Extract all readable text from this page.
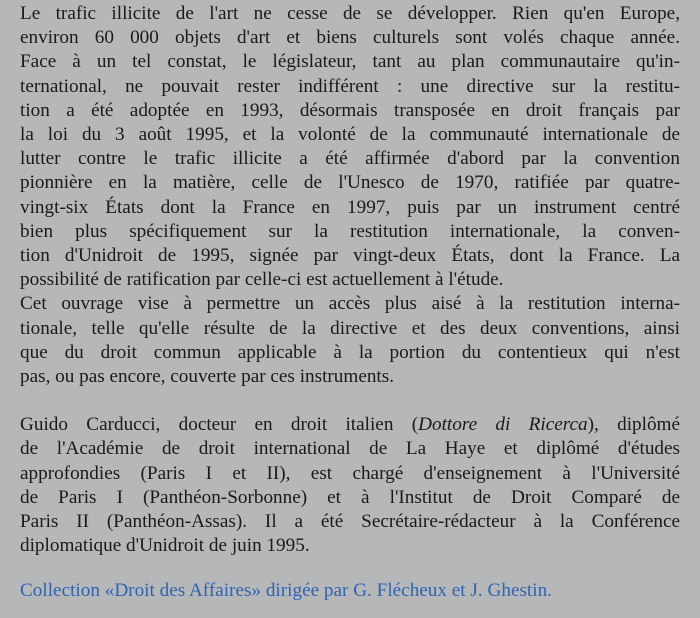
Le trafic illicite de l'art ne cesse de se développer. Rien qu'en Europe,
environ 60 000 objets d'art et biens culturels sont volés chaque année.
Face à un tel constat, le législateur, tant au plan communautaire qu'in-
ternational, ne pouvait rester indifférent : une directive sur la restitu-
tion a été adoptée en 1993, désormais transposée en droit français par
la loi du 3 août 1995, et la volonté de la communauté internationale de
lutter contre le trafic illicite a été affirmée d'abord par la convention
pionnière en la matière, celle de l'Unesco de 1970, ratifiée par quatre-
vingt-six États dont la France en 1997, puis par un instrument centré
bien plus spécifiquement sur la restitution internationale, la conven-
tion d'Unidroit de 1995, signée par vingt-deux États, dont la France. La
possibilité de ratification par celle-ci est actuellement à l'étude.
Cet ouvrage vise à permettre un accès plus aisé à la restitution interna-
tionale, telle qu'elle résulte de la directive et des deux conventions, ainsi
que du droit commun applicable à la portion du contentieux qui n'est
pas, ou pas encore, couverte par ces instruments.
Guido Carducci, docteur en droit italien (Dottore di Ricerca), diplômé
de l'Académie de droit international de La Haye et diplômé d'études
approfondies (Paris I et II), est chargé d'enseignement à l'Université
de Paris I (Panthéon-Sorbonne) et à l'Institut de Droit Comparé de
Paris II (Panthéon-Assas). Il a été Secrétaire-rédacteur à la Conférence
diplomatique d'Unidroit de juin 1995.
Collection «Droit des Affaires» dirigée par G. Flécheux et J. Ghestin.
